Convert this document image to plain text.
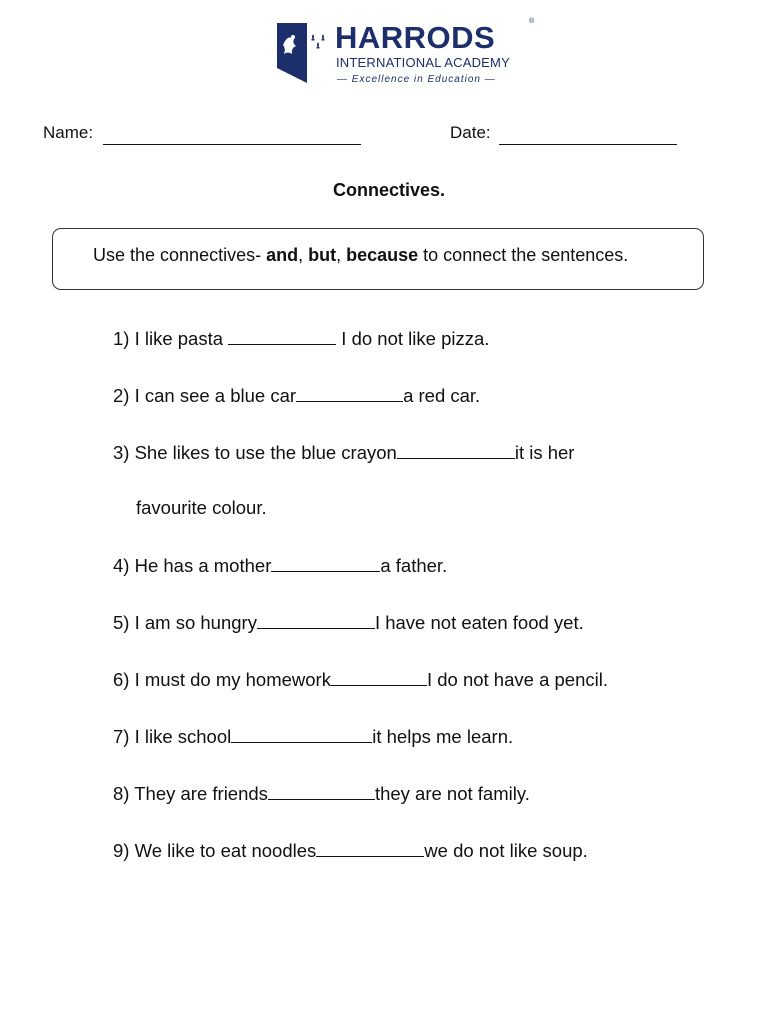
HARRODS	®
INTERNATIONAL ACADEMY
— Excellence in Education —
Name:	Date:
Connectives.
Use the connectives- and, but, because to connect the sentences.
1) I like pasta	I do not like pizza.
2) I can see a blue car	a red car.
3) She likes to use the blue crayon	it is her
favourite colour.
4) He has a mother	a father.
5) I am so hungry	I have not eaten food yet.
6) I must do my homework	I do not have a pencil.
7) I like school	it helps me learn.
8) They are friends	they are not family.
9) We like to eat noodles	we do not like soup.
